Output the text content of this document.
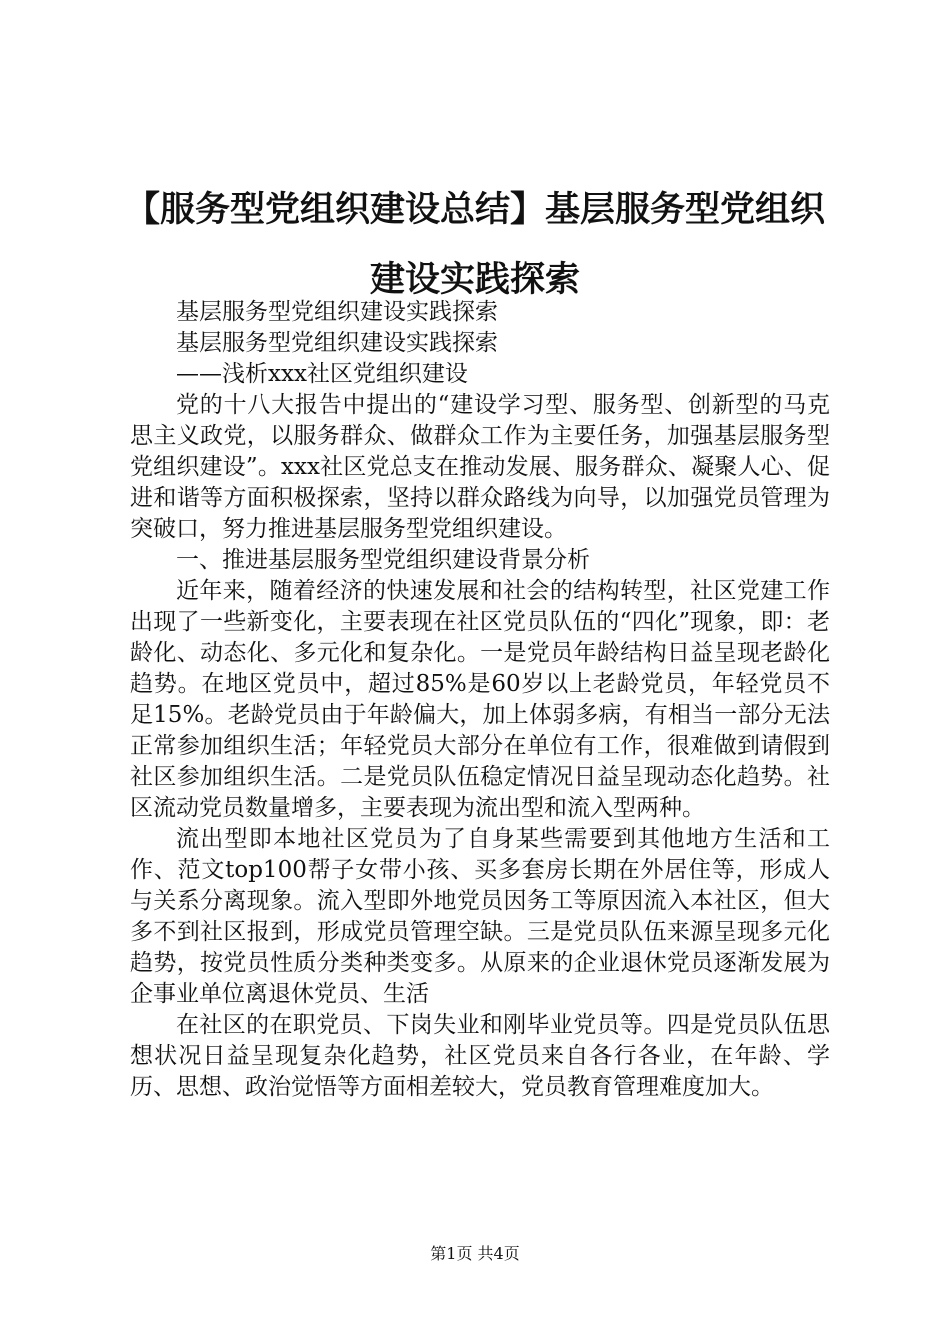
【服务型党组织建设总结】基层服务型党组织
建设实践探索

基层服务型党组织建设实践探索

基层服务型党组织建设实践探索

——浅析xxx社区党组织建设

党的十八大报告中提出的“建设学习型、服务型、创新型的马克思主义政党，以服务群众、做群众工作为主要任务，加强基层服务型党组织建设”。xxx社区党总支在推动发展、服务群众、凝聚人心、促进和谐等方面积极探索，坚持以群众路线为向导，以加强党员管理为突破口，努力推进基层服务型党组织建设。

一、推进基层服务型党组织建设背景分析

近年来，随着经济的快速发展和社会的结构转型，社区党建工作出现了一些新变化，主要表现在社区党员队伍的“四化”现象，即：老龄化、动态化、多元化和复杂化。一是党员年龄结构日益呈现老龄化趋势。在地区党员中，超过85%是60岁以上老龄党员，年轻党员不足15%。老龄党员由于年龄偏大，加上体弱多病，有相当一部分无法正常参加组织生活；年轻党员大部分在单位有工作，很难做到请假到社区参加组织生活。二是党员队伍稳定情况日益呈现动态化趋势。社区流动党员数量增多，主要表现为流出型和流入型两种。

流出型即本地社区党员为了自身某些需要到其他地方生活和工作、范文top100帮子女带小孩、买多套房长期在外居住等，形成人与关系分离现象。流入型即外地党员因务工等原因流入本社区，但大多不到社区报到，形成党员管理空缺。三是党员队伍来源呈现多元化趋势，按党员性质分类种类变多。从原来的企业退休党员逐渐发展为企事业单位离退休党员、生活

在社区的在职党员、下岗失业和刚毕业党员等。四是党员队伍思想状况日益呈现复杂化趋势，社区党员来自各行各业，在年龄、学历、思想、政治觉悟等方面相差较大，党员教育管理难度加大。

第1页 共4页
